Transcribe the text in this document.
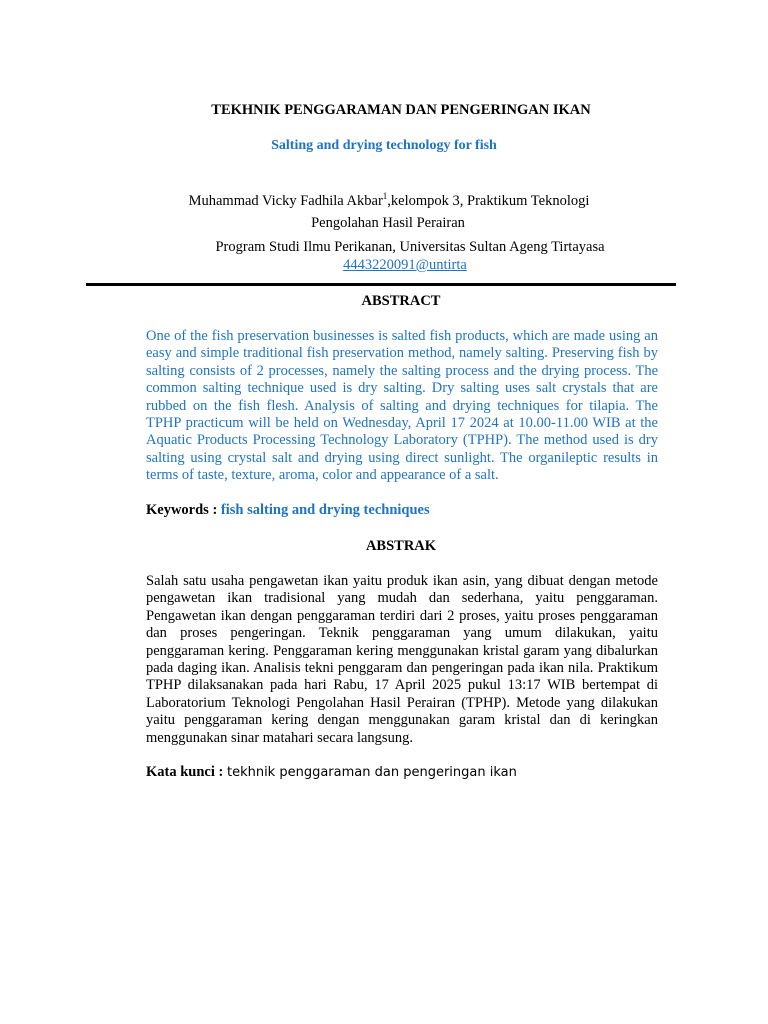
TEKHNIK PENGGARAMAN DAN PENGERINGAN IKAN
Salting and drying technology for fish
Muhammad Vicky Fadhila Akbar$^1$,kelompok 3, Praktikum Teknologi
Pengolahan Hasil Perairan
Program Studi Ilmu Perikanan, Universitas Sultan Ageng Tirtayasa
4443220091@untirta
ABSTRACT
One of the fish preservation businesses is salted fish products, which are made using an easy and simple traditional fish preservation method, namely salting. Preserving fish by salting consists of 2 processes, namely the salting process and the drying process. The common salting technique used is dry salting. Dry salting uses salt crystals that are rubbed on the fish flesh. Analysis of salting and drying techniques for tilapia. The TPHP practicum will be held on Wednesday, April 17 2024 at 10.00-11.00 WIB at the Aquatic Products Processing Technology Laboratory (TPHP). The method used is dry salting using crystal salt and drying using direct sunlight. The organileptic results in terms of taste, texture, aroma, color and appearance of a salt.
Keywords : fish salting and drying techniques
ABSTRAK
Salah satu usaha pengawetan ikan yaitu produk ikan asin, yang dibuat dengan metode pengawetan ikan tradisional yang mudah dan sederhana, yaitu penggaraman. Pengawetan ikan dengan penggaraman terdiri dari 2 proses, yaitu proses penggaraman dan proses pengeringan. Teknik penggaraman yang umum dilakukan, yaitu penggaraman kering. Penggaraman kering menggunakan kristal garam yang dibalurkan pada daging ikan. Analisis tekni penggaram dan pengeringan pada ikan nila. Praktikum TPHP dilaksanakan pada hari Rabu, 17 April 2025 pukul 13:17 WIB bertempat di Laboratorium Teknologi Pengolahan Hasil Perairan (TPHP). Metode yang dilakukan yaitu penggaraman kering dengan menggunakan garam kristal dan di keringkan menggunakan sinar matahari secara langsung.
Kata kunci : tekhnik penggaraman dan pengeringan ikan
